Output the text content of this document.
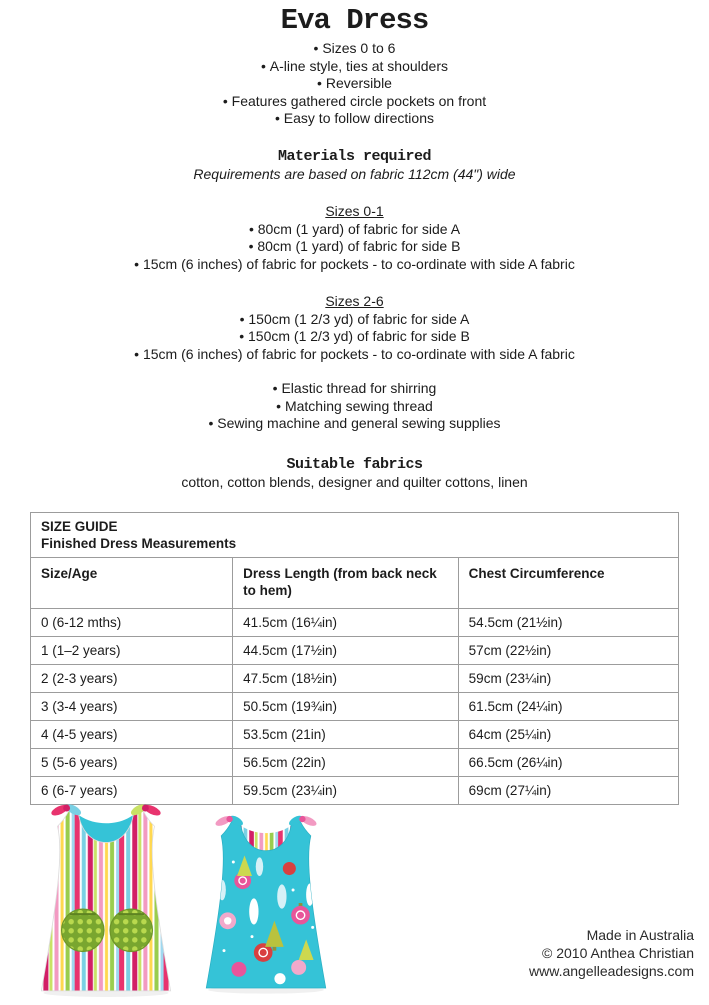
Eva Dress
• Sizes 0 to 6
• A-line style, ties at shoulders
• Reversible
• Features gathered circle pockets on front
• Easy to follow directions
Materials required
Requirements are based on fabric 112cm (44") wide
Sizes 0-1
• 80cm (1 yard) of fabric for side A
• 80cm (1 yard) of fabric for side B
• 15cm (6 inches) of fabric for pockets - to co-ordinate with side A fabric
Sizes 2-6
• 150cm (1 2/3 yd) of fabric for side A
• 150cm (1 2/3 yd) of fabric for side B
• 15cm (6 inches) of fabric for pockets - to co-ordinate with side A fabric
• Elastic thread for shirring
• Matching sewing thread
• Sewing machine and general sewing supplies
Suitable fabrics
cotton, cotton blends, designer and quilter cottons, linen
SIZE GUIDE
Finished Dress Measurements		

Size/Age	Dress Length (from back neck to hem)	Chest Circumference
0 (6-12 mths)	41.5cm (16¼in)	54.5cm (21½in)
1 (1–2 years)	44.5cm (17½in)	57cm (22½in)
2 (2-3 years)	47.5cm (18½in)	59cm (23¼in)
3 (3-4 years)	50.5cm (19¾in)	61.5cm (24¼in)
4 (4-5 years)	53.5cm (21in)	64cm (25¼in)
5 (5-6 years)	56.5cm (22in)	66.5cm (26¼in)
6 (6-7 years)	59.5cm (23¼in)	69cm (27¼in)
Made in Australia
© 2010 Anthea Christian
www.angelleadesigns.com
